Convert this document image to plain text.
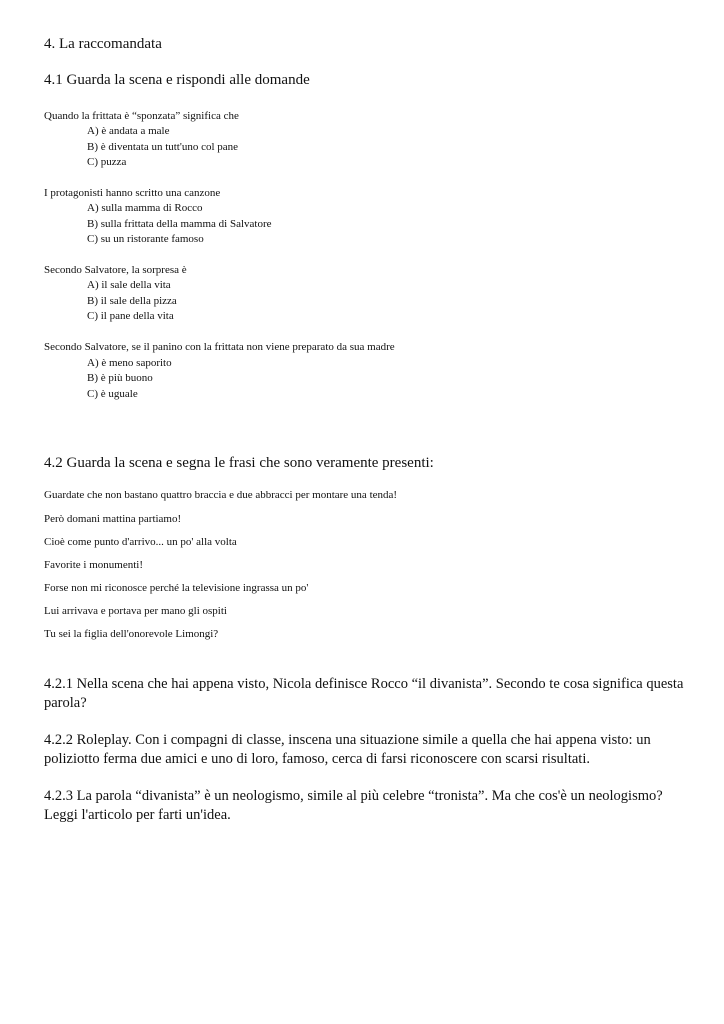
4. La raccomandata
4.1 Guarda la scena e rispondi alle domande
Quando la frittata è “sponzata” significa che
A) è andata a male
B) è diventata un tutt'uno col pane
C) puzza
I protagonisti hanno scritto una canzone
A) sulla mamma di Rocco
B) sulla frittata della mamma di Salvatore
C) su un ristorante famoso
Secondo Salvatore, la sorpresa è
A) il sale della vita
B) il sale della pizza
C) il pane della vita
Secondo Salvatore, se il panino con la frittata non viene preparato da sua madre
A) è meno saporito
B) è più buono
C) è uguale
4.2 Guarda la scena e segna le frasi che sono veramente presenti:
Guardate che non bastano quattro braccia e due abbracci per montare una tenda!
Però domani mattina partiamo!
Cioè come punto d'arrivo... un po' alla volta
Favorite i monumenti!
Forse non mi riconosce perché la televisione ingrassa un po'
Lui arrivava e portava per mano gli ospiti
Tu sei la figlia dell'onorevole Limongi?
4.2.1 Nella scena che hai appena visto, Nicola definisce Rocco “il divanista”. Secondo te cosa significa questa parola?
4.2.2 Roleplay. Con i compagni di classe, inscena una situazione simile a quella che hai appena visto: un poliziotto ferma due amici e uno di loro, famoso, cerca di farsi riconoscere con scarsi risultati.
4.2.3 La parola “divanista” è un neologismo, simile al più celebre “tronista”. Ma che cos'è un neologismo? Leggi l'articolo per farti un'idea.
